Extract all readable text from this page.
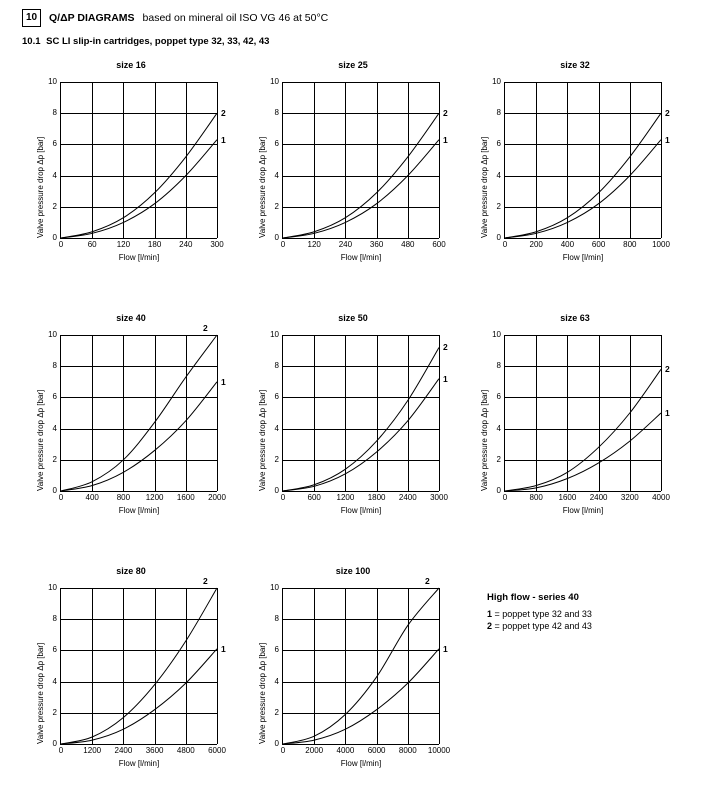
10	Q/ΔP DIAGRAMS based on mineral oil ISO VG 46 at 50°C
10.1 SC LI slip-in cartridges, poppet type 32, 33, 42, 43
size 16
0
2
4
6
8
10
0	60	120 180 240 300
1
2
Flow [l/min]
Valve pressure drop Δp [bar]
size 25
0
2
4
6
8
10
0	120 240 360 480 600
1
2
Flow [l/min]
Valve pressure drop Δp [bar]
size 32
0
2
4
6
8
10
0	200 400 600 800 1000
1
2
Flow [l/min]
Valve pressure drop Δp [bar]
size 40
0
2
4
6
8
10
0	400 800 1200 1600 2000
1
2
Flow [l/min]
Valve pressure drop Δp [bar]
size 50
0
2
4
6
8
10
0	600 1200 1800 2400 3000
1
2
Flow [l/min]
Valve pressure drop Δp [bar]
size 63
0
2
4
6
8
10
0	800 1600 2400 3200 4000
1
2
Flow [l/min]
Valve pressure drop Δp [bar]
size 80
0
2
4
6
8
10
0	1200 2400 3600 4800 6000
1
2
Flow [l/min]
Valve pressure drop Δp [bar]
size 100
0
2
4
6
8
10
0	2000 4000 6000 8000 10000
1
2
Flow [l/min]
Valve pressure drop Δp [bar]
High flow - series 40
1 = poppet type 32 and 33
2 = poppet type 42 and 43
